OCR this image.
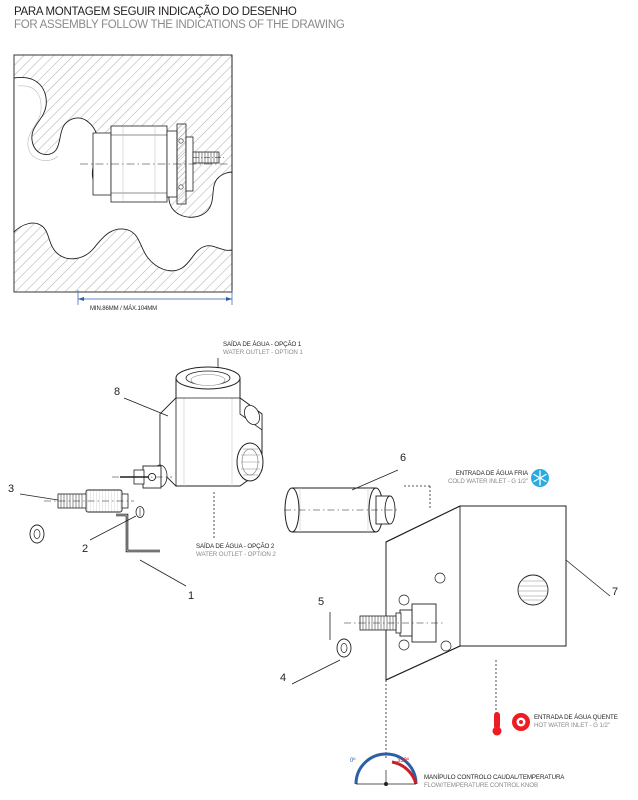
PARA MONTAGEM SEGUIR INDICAÇÃO DO DESENHO
FOR ASSEMBLY FOLLOW THE INDICATIONS OF THE DRAWING
MIN.86MM / MÁX.104MM
SAÍDA DE ÁGUA - OPÇÃO 1
WATER OUTLET - OPTION 1
SAÍDA DE ÁGUA - OPÇÃO 2
WATER OUTLET - OPTION 2
ENTRADA DE ÁGUA FRIA
COLD WATER INLET - G 1/2"
ENTRADA DE ÁGUA QUENTE
HOT WATER INLET - G 1/2"
MANÍPULO CONTROLO CAUDAL/TEMPERATURA
FLOW/TEMPERATURE CONTROL KNOB
0º	330º
1
2
3
4
5
6
7
8
